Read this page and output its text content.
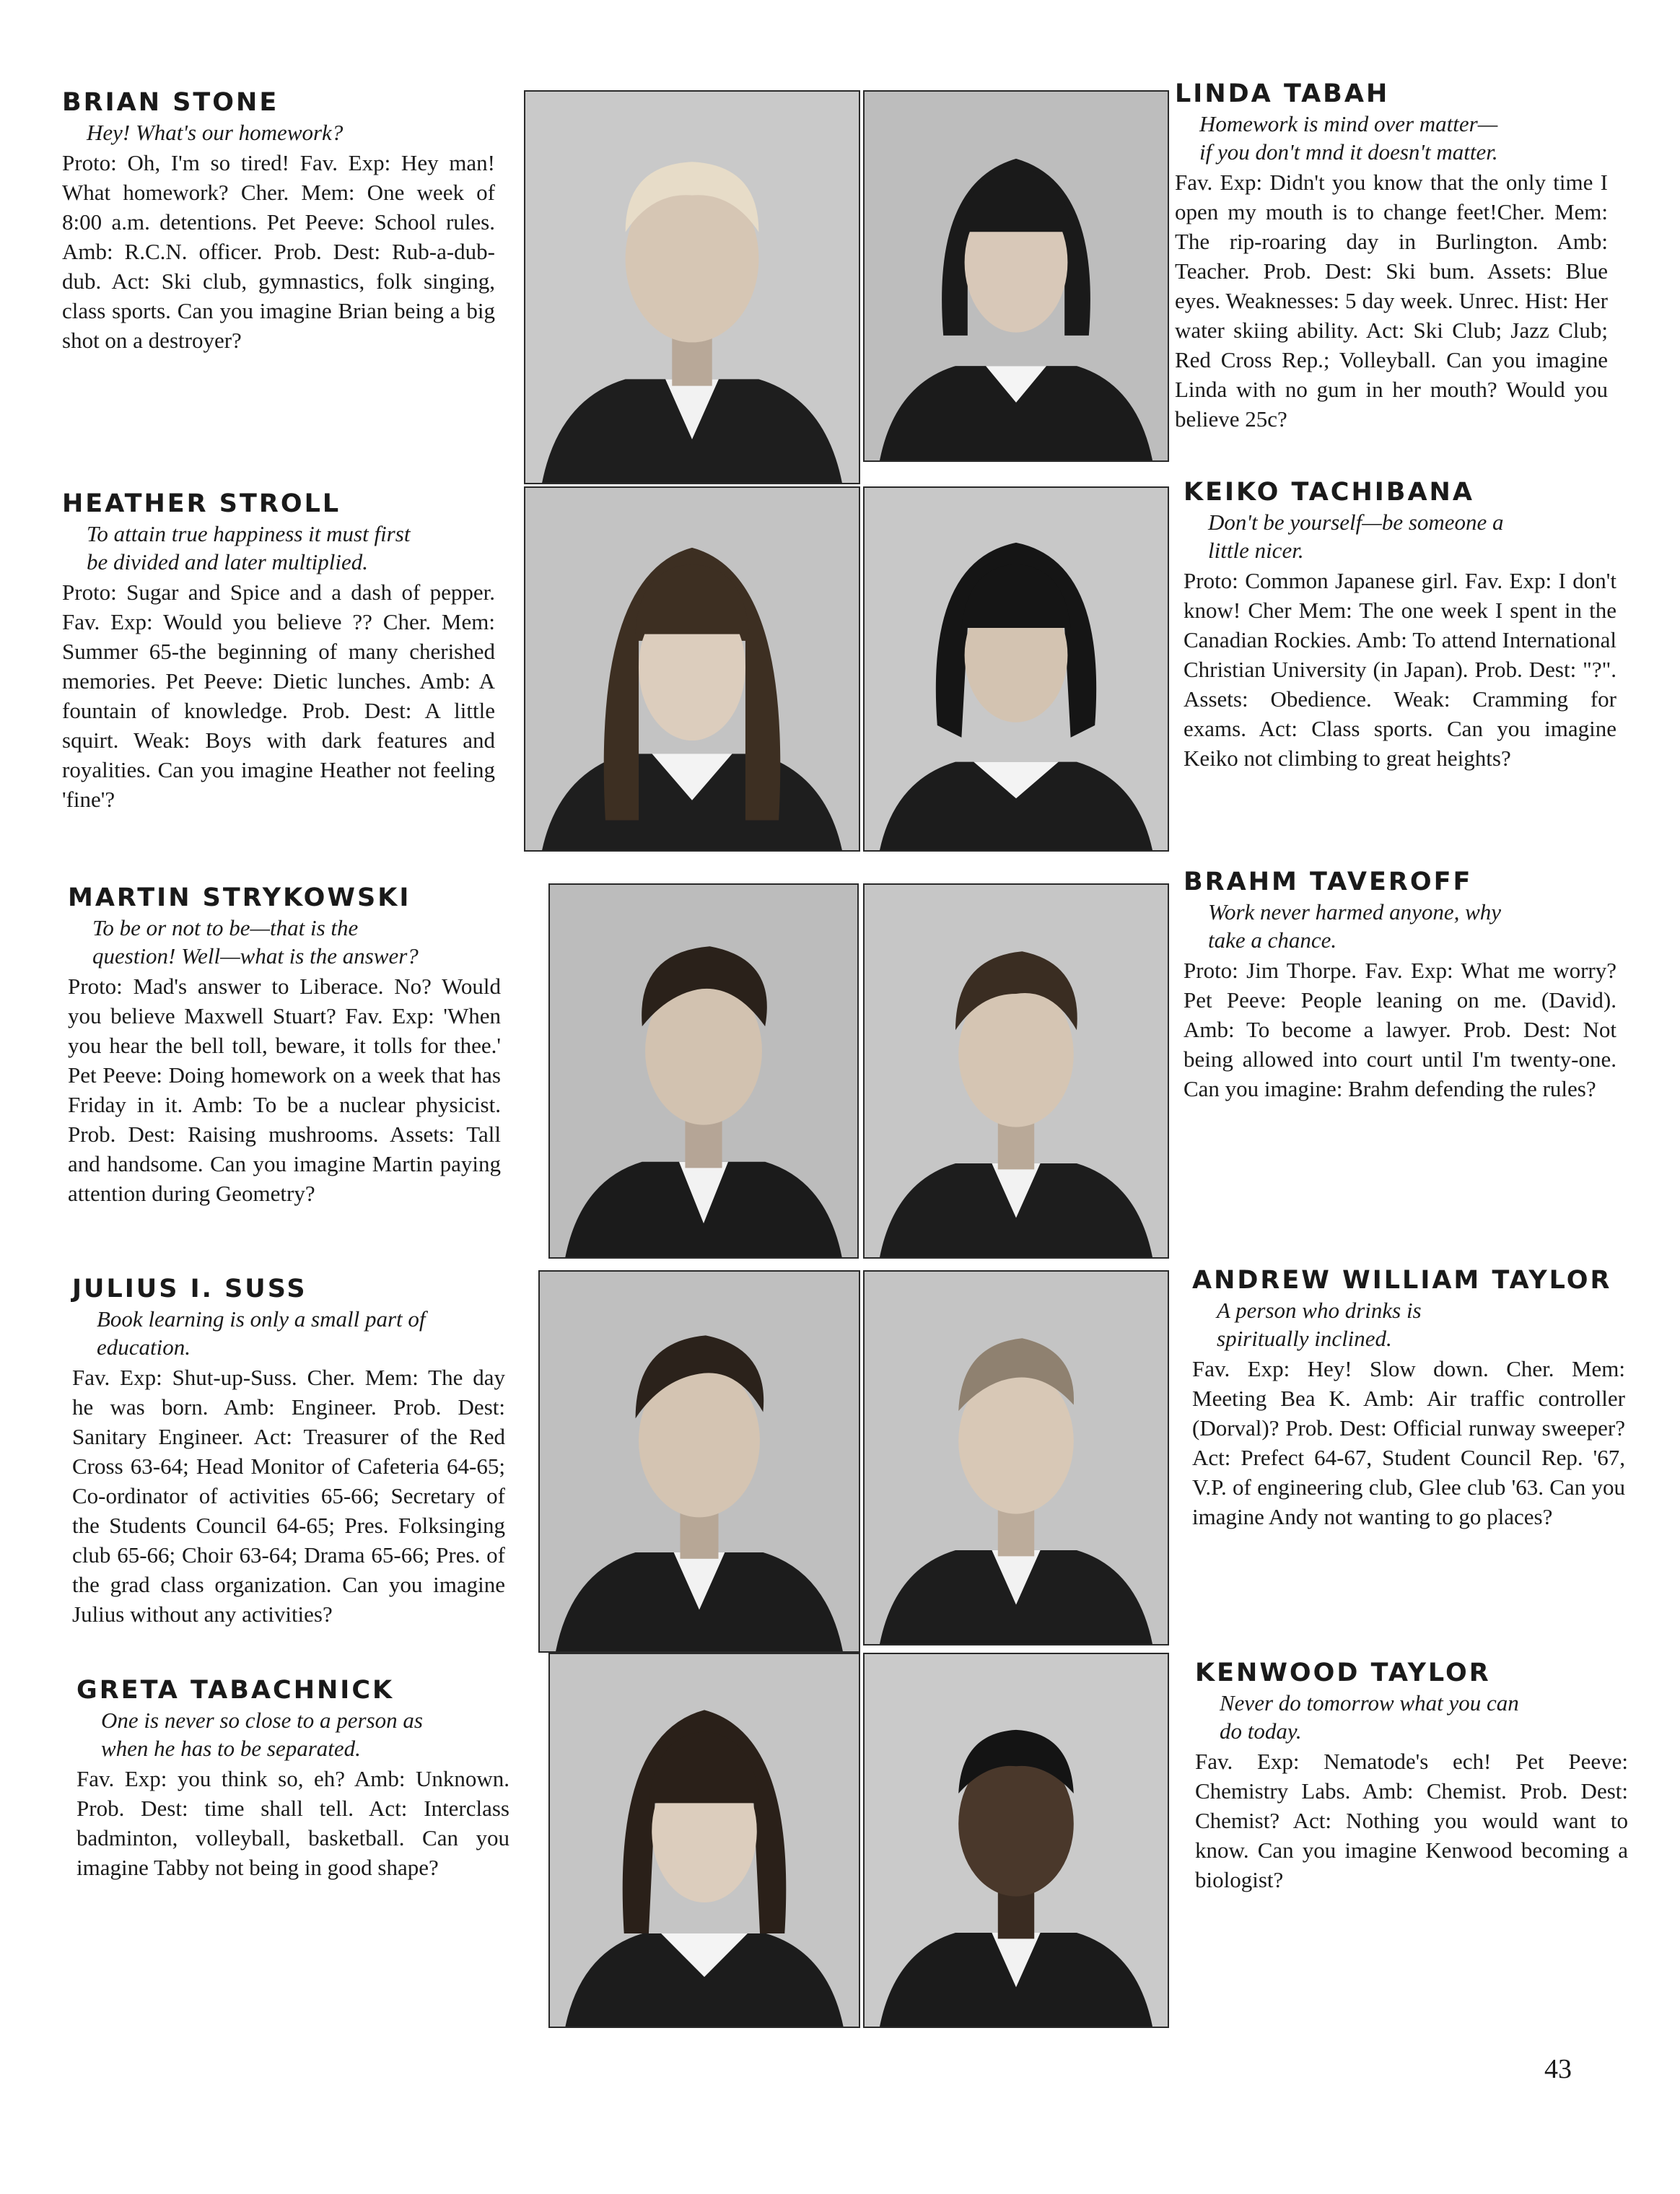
BRIAN STONE

Hey! What's our homework?

Proto: Oh, I'm so tired! Fav. Exp: Hey man! What homework? Cher. Mem: One week of 8:00 a.m. detentions. Pet Peeve: School rules. Amb: R.C.N. officer. Prob. Dest: Rub-a-dub-dub. Act: Ski club, gymnastics, folk singing, class sports. Can you imagine Brian being a big shot on a destroyer?

HEATHER STROLL

To attain true happiness it must first
be divided and later multiplied.

Proto: Sugar and Spice and a dash of pepper. Fav. Exp: Would you believe ?? Cher. Mem: Summer 65-the beginning of many cherished memories. Pet Peeve: Dietic lunches. Amb: A fountain of knowledge. Prob. Dest: A little squirt. Weak: Boys with dark features and royalities. Can you imagine Heather not feeling 'fine'?

MARTIN STRYKOWSKI

To be or not to be—that is the
question! Well—what is the answer?

Proto: Mad's answer to Liberace. No? Would you believe Maxwell Stuart? Fav. Exp: 'When you hear the bell toll, beware, it tolls for thee.' Pet Peeve: Doing homework on a week that has Friday in it. Amb: To be a nuclear physicist. Prob. Dest: Raising mushrooms. Assets: Tall and handsome. Can you imagine Martin paying attention during Geometry?

JULIUS I. SUSS

Book learning is only a small part of
education.

Fav. Exp: Shut-up-Suss. Cher. Mem: The day he was born. Amb: Engineer. Prob. Dest: Sanitary Engineer. Act: Treasurer of the Red Cross 63-64; Head Monitor of Cafeteria 64-65; Co-ordinator of activities 65-66; Secretary of the Students Council 64-65; Pres. Folksinging club 65-66; Choir 63-64; Drama 65-66; Pres. of the grad class organization. Can you imagine Julius without any activities?

GRETA TABACHNICK

One is never so close to a person as
when he has to be separated.

Fav. Exp: you think so, eh? Amb: Unknown. Prob. Dest: time shall tell. Act: Interclass badminton, volleyball, basketball. Can you imagine Tabby not being in good shape?

LINDA TABAH

Homework is mind over matter—
if you don't mnd it doesn't matter.

Fav. Exp: Didn't you know that the only time I open my mouth is to change feet!Cher. Mem: The rip-roaring day in Burlington. Amb: Teacher. Prob. Dest: Ski bum. Assets: Blue eyes. Weaknesses: 5 day week. Unrec. Hist: Her water skiing ability. Act: Ski Club; Jazz Club; Red Cross Rep.; Volleyball. Can you imagine Linda with no gum in her mouth? Would you believe 25c?

KEIKO TACHIBANA

Don't be yourself—be someone a
little nicer.

Proto: Common Japanese girl. Fav. Exp: I don't know! Cher Mem: The one week I spent in the Canadian Rockies. Amb: To attend International Christian University (in Japan). Prob. Dest: "?". Assets: Obedience. Weak: Cramming for exams. Act: Class sports. Can you imagine Keiko not climbing to great heights?

BRAHM TAVEROFF

Work never harmed anyone, why
take a chance.

Proto: Jim Thorpe. Fav. Exp: What me worry? Pet Peeve: People leaning on me. (David). Amb: To become a lawyer. Prob. Dest: Not being allowed into court until I'm twenty-one. Can you imagine: Brahm defending the rules?

ANDREW WILLIAM TAYLOR

A person who drinks is
spiritually inclined.

Fav. Exp: Hey! Slow down. Cher. Mem: Meeting Bea K. Amb: Air traffic controller (Dorval)? Prob. Dest: Official runway sweeper? Act: Prefect 64-67, Student Council Rep. '67, V.P. of engineering club, Glee club '63. Can you imagine Andy not wanting to go places?

KENWOOD TAYLOR

Never do tomorrow what you can
do today.

Fav. Exp: Nematode's ech! Pet Peeve: Chemistry Labs. Amb: Chemist. Prob. Dest: Chemist? Act: Nothing you would want to know. Can you imagine Kenwood becoming a biologist?

43
